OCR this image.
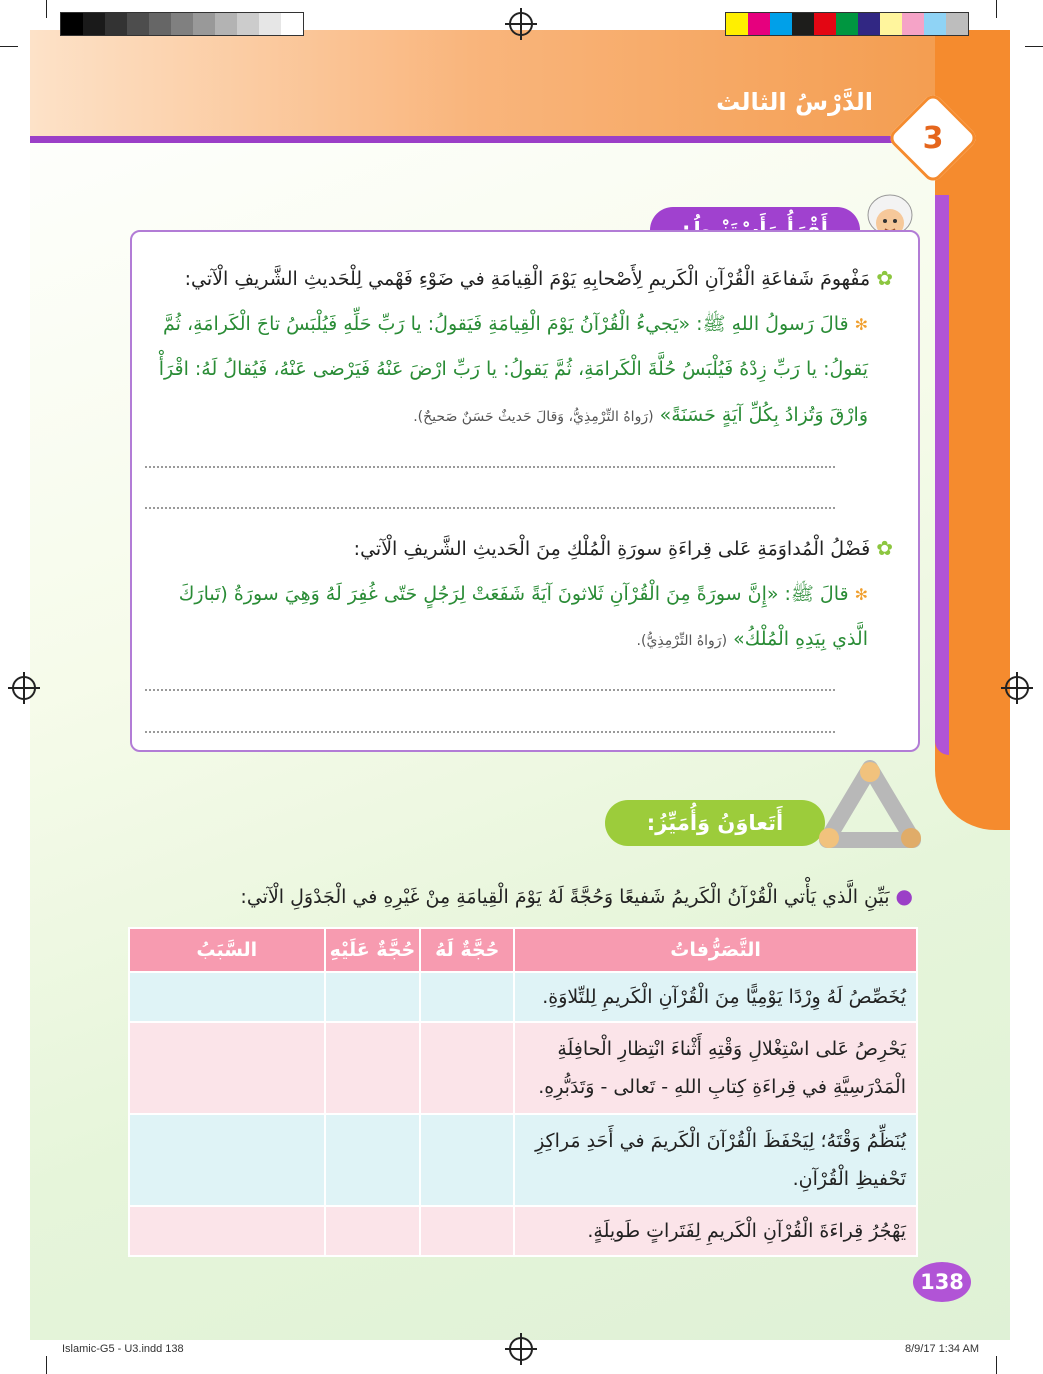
الدَّرْسُ الثالث
3
✿مَفْهومَ شَفاعَةِ الْقُرْآنِ الْكَريمِ لِأَصْحابِهِ يَوْمَ الْقِيامَةِ في ضَوْءِ فَهْمي لِلْحَديثِ الشَّريفِ الْآتي:
✻قالَ رَسولُ اللهِ ﷺ: «يَجيءُ الْقُرْآنُ يَوْمَ الْقِيامَةِ فَيَقولُ: يا رَبِّ حَلِّهِ فَيُلْبَسُ تاجَ الْكَرامَةِ، ثُمَّ
يَقولُ: يا رَبِّ زِدْهُ فَيُلْبَسُ حُلَّةَ الْكَرامَةِ، ثُمَّ يَقولُ: يا رَبِّ ارْضَ عَنْهُ فَيَرْضى عَنْهُ، فَيُقالُ لَهُ: اقْرَأْ
وَارْقَ وَتُزادُ بِكُلِّ آيَةٍ حَسَنَةً» (رَواهُ التِّرْمِذِيُّ، وَقالَ حَديثٌ حَسَنٌ صَحيحٌ).
✿فَضْلُ الْمُداوَمَةِ عَلى قِراءَةِ سورَةِ الْمُلْكِ مِنَ الْحَديثِ الشَّريفِ الْآتي:
✻قالَ ﷺ: «إِنَّ سورَةً مِنَ الْقُرْآنِ ثَلاثونَ آيَةً شَفَعَتْ لِرَجُلٍ حَتّى غُفِرَ لَهُ وَهِيَ سورَةُ (تَبارَكَ
الَّذي بِيَدِهِ الْمُلْكُ» (رَواهُ التِّرْمِذِيُّ).
أَتَعاوَنُ وَأُمَيِّزُ:
●بَيِّنِ الَّذي يَأْتي الْقُرْآنُ الْكَريمُ شَفيعًا وَحُجَّةً لَهُ يَوْمَ الْقِيامَةِ مِنْ غَيْرِهِ في الْجَدْوَلِ الْآتي:
التَّصَرُّفاتُ	حُجَّةٌ لَهُ	حُجَّةٌ عَلَيْهِ	السَّبَبُ
يُخَصِّصُ لَهُ وِرْدًا يَوْمِيًّا مِنَ الْقُرْآنِ الْكَريمِ لِلتِّلاوَةِ.			
يَحْرِصُ عَلى اسْتِغْلالِ وَقْتِهِ أَثْناءَ انْتِظارِ الْحافِلَةِ الْمَدْرَسِيَّةِ في قِراءَةِ كِتابِ اللهِ - تَعالى - وَتَدَبُّرِهِ.			
يُنَظِّمُ وَقْتَهُ؛ لِيَحْفَظَ الْقُرْآنَ الْكَريمَ في أَحَدِ مَراكِزِ تَحْفيظِ الْقُرْآنِ.			
يَهْجُرُ قِراءَةَ الْقُرْآنِ الْكَريمِ لِفَتَراتٍ طَويلَةٍ.			
138
Islamic-G5 - U3.indd 138	8/9/17 1:34 AM
